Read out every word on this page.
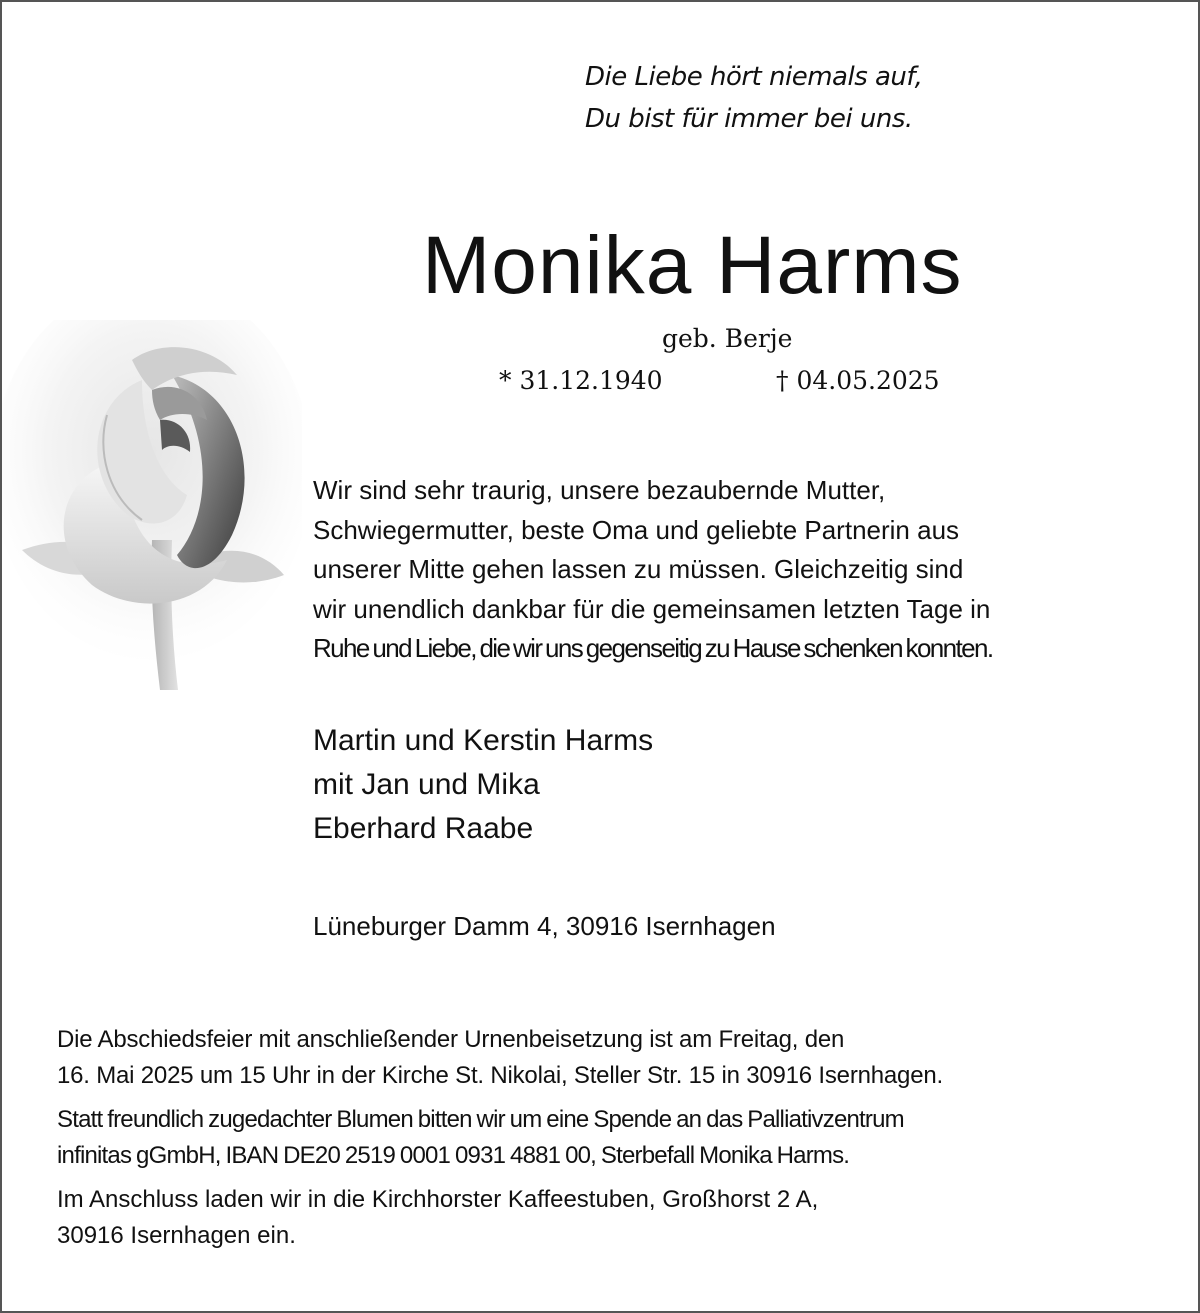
Die Liebe hört niemals auf,
Du bist für immer bei uns.
Monika Harms
geb. Berje
* 31.12.1940	† 04.05.2025
Wir sind sehr traurig, unsere bezaubernde Mutter,
Schwiegermutter, beste Oma und geliebte Partnerin aus
unserer Mitte gehen lassen zu müssen. Gleichzeitig sind
wir unendlich dankbar für die gemeinsamen letzten Tage in
Ruhe und Liebe, die wir uns gegenseitig zu Hause schenken konnten.
Martin und Kerstin Harms
mit Jan und Mika
Eberhard Raabe
Lüneburger Damm 4, 30916 Isernhagen
Die Abschiedsfeier mit anschließender Urnenbeisetzung ist am Freitag, den
16. Mai 2025 um 15 Uhr in der Kirche St. Nikolai, Steller Str. 15 in 30916 Isernhagen.
Statt freundlich zugedachter Blumen bitten wir um eine Spende an das Palliativzentrum
infinitas gGmbH, IBAN DE20 2519 0001 0931 4881 00, Sterbefall Monika Harms.
Im Anschluss laden wir in die Kirchhorster Kaffeestuben, Großhorst 2 A,
30916 Isernhagen ein.
